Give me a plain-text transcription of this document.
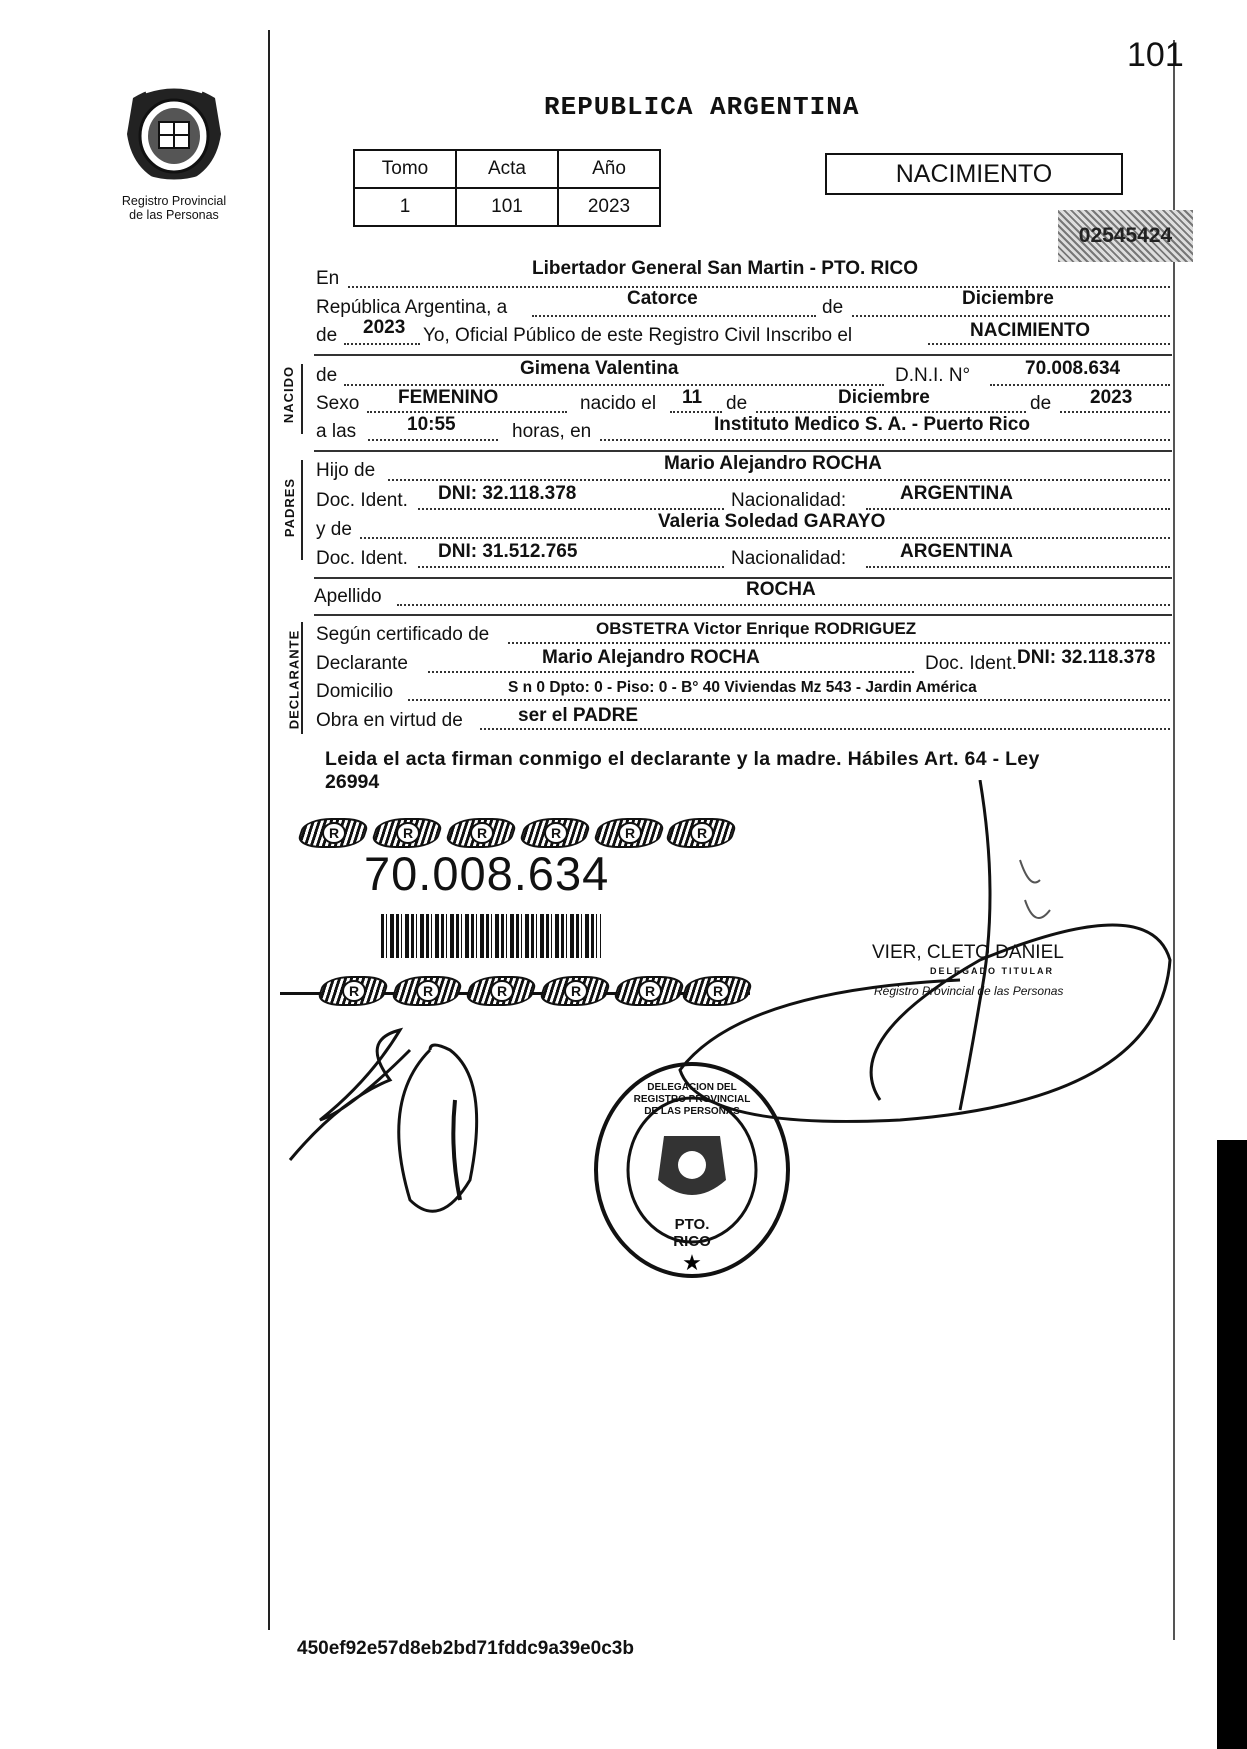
101
Registro Provincial
de las Personas
REPUBLICA ARGENTINA
Tomo	Acta	Año
1	101	2023
NACIMIENTO
02545424
En	Libertador General San Martin - PTO. RICO
República Argentina, a	Catorce	de	Diciembre
de 2023 Yo, Oficial Público de este Registro Civil Inscribo el	NACIMIENTO
NACIDO de	Gimena Valentina	D.N.I. N°	70.008.634
Sexo FEMENINO	nacido el 11 de	Diciembre	de 2023
a las	10:55	horas, en	Instituto Medico S. A. - Puerto Rico
PADRES
Hijo de	Mario Alejandro ROCHA
Doc. Ident. DNI: 32.118.378	Nacionalidad:	ARGENTINA
y de	Valeria Soledad GARAYO
Doc. Ident. DNI: 31.512.765	Nacionalidad:	ARGENTINA
Apellido	ROCHA
DECLARANTE Según certificado de	OBSTETRA Victor Enrique RODRIGUEZ
Declarante	Mario Alejandro ROCHA	Doc. Ident. DNI: 32.118.378
Domicilio	S n 0 Dpto: 0 - Piso: 0 - B° 40 Viviendas Mz 543 - Jardin América
Obra en virtud de	ser el PADRE
Leida el acta firman conmigo el declarante y la madre. Hábiles Art. 64 - Ley
26994
R	R	R	R	R	R
70.008.634
R	R	R	R	R	R
VIER, CLETO DANIEL
DELEGADO TITULAR
Registro Provincial de las Personas
★
DELEGACION DEL REGISTRO PROVINCIAL DE LAS PERSONAS
PTO. RICO
450ef92e57d8eb2bd71fddc9a39e0c3b
